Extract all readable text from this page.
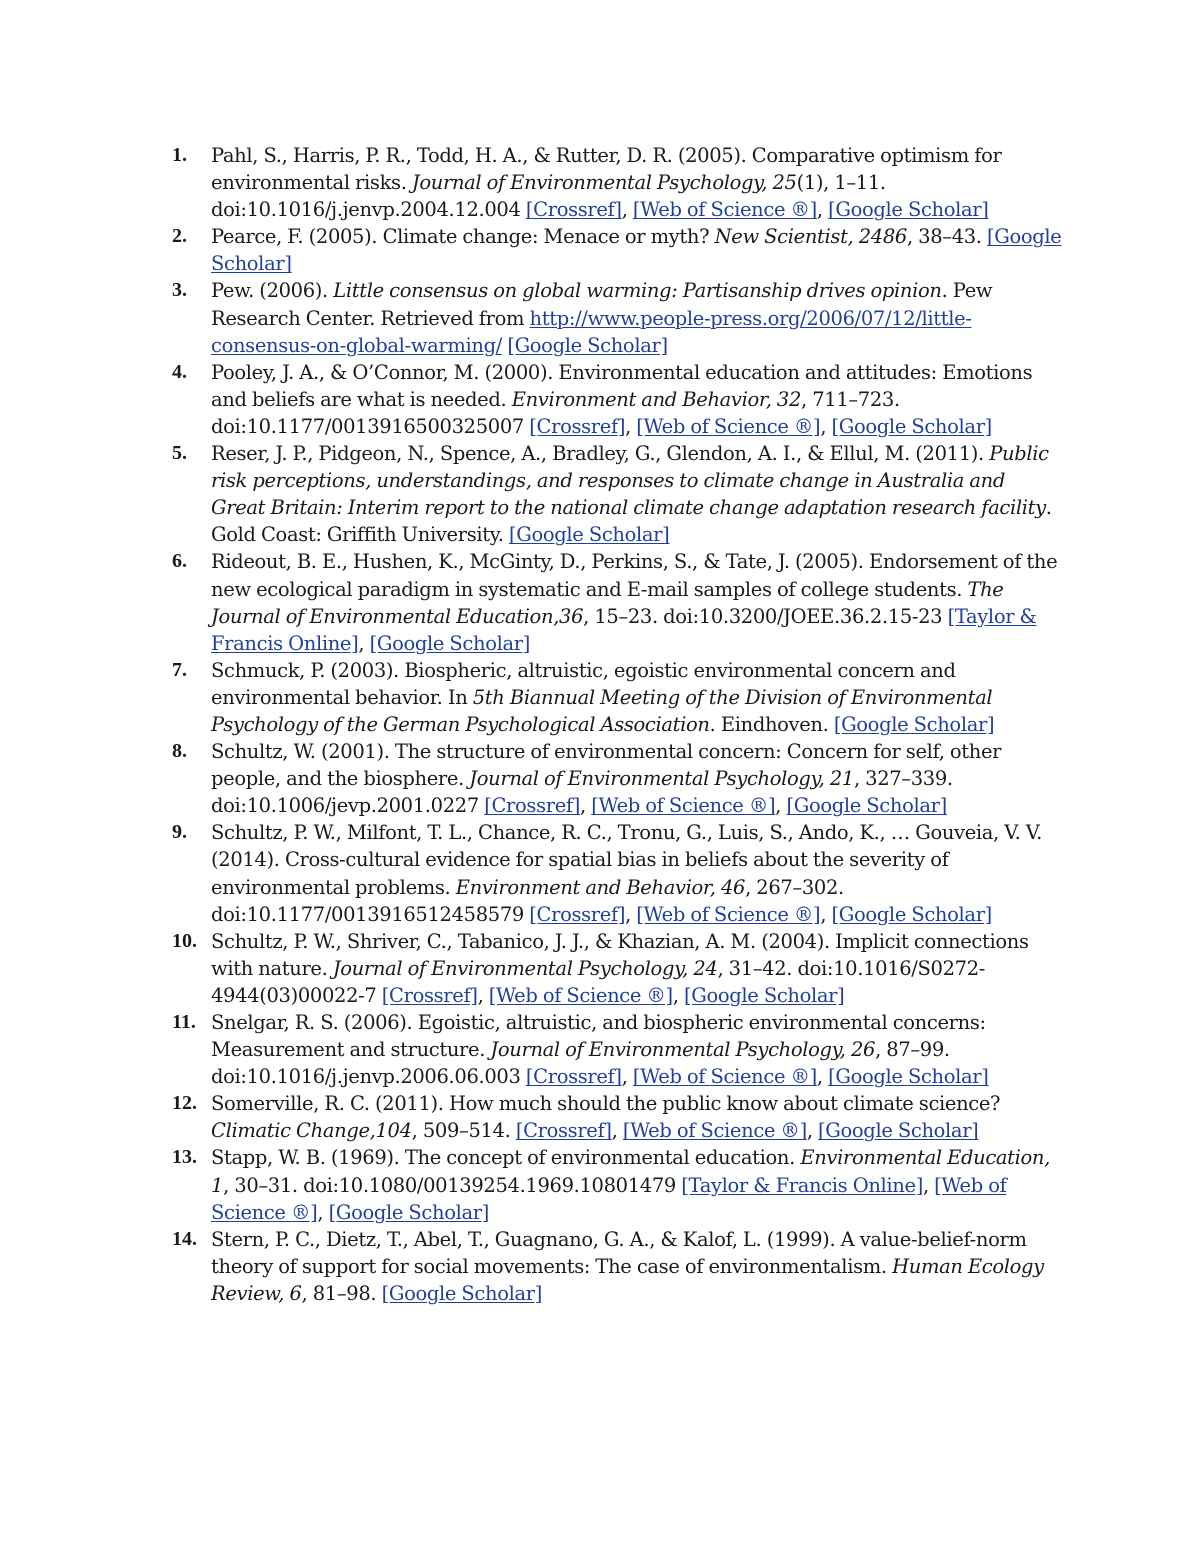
1.	Pahl, S., Harris, P. R., Todd, H. A., & Rutter, D. R. (2005). Comparative optimism for environmental risks. Journal of Environmental Psychology, 25(1), 1–11. doi:10.1016/j.jenvp.2004.12.004 [Crossref], [Web of Science ®], [Google Scholar]
2.	Pearce, F. (2005). Climate change: Menace or myth? New Scientist, 2486, 38–43. [Google Scholar]
3.	Pew. (2006). Little consensus on global warming: Partisanship drives opinion. Pew Research Center. Retrieved from http://www.people-press.org/2006/07/12/little-consensus-on-global-warming/ [Google Scholar]
4.	Pooley, J. A., & O’Connor, M. (2000). Environmental education and attitudes: Emotions and beliefs are what is needed. Environment and Behavior, 32, 711–723. doi:10.1177/0013916500325007 [Crossref], [Web of Science ®], [Google Scholar]
5.	Reser, J. P., Pidgeon, N., Spence, A., Bradley, G., Glendon, A. I., & Ellul, M. (2011). Public risk perceptions, understandings, and responses to climate change in Australia and Great Britain: Interim report to the national climate change adaptation research facility. Gold Coast: Griffith University. [Google Scholar]
6.	Rideout, B. E., Hushen, K., McGinty, D., Perkins, S., & Tate, J. (2005). Endorsement of the new ecological paradigm in systematic and E-mail samples of college students. The Journal of Environmental Education,36, 15–23. doi:10.3200/JOEE.36.2.15-23 [Taylor & Francis Online], [Google Scholar]
7.	Schmuck, P. (2003). Biospheric, altruistic, egoistic environmental concern and environmental behavior. In 5th Biannual Meeting of the Division of Environmental Psychology of the German Psychological Association. Eindhoven. [Google Scholar]
8.	Schultz, W. (2001). The structure of environmental concern: Concern for self, other people, and the biosphere. Journal of Environmental Psychology, 21, 327–339. doi:10.1006/jevp.2001.0227 [Crossref], [Web of Science ®], [Google Scholar]
9.	Schultz, P. W., Milfont, T. L., Chance, R. C., Tronu, G., Luis, S., Ando, K., … Gouveia, V. V. (2014). Cross-cultural evidence for spatial bias in beliefs about the severity of environmental problems. Environment and Behavior, 46, 267–302. doi:10.1177/0013916512458579 [Crossref], [Web of Science ®], [Google Scholar]
10. Schultz, P. W., Shriver, C., Tabanico, J. J., & Khazian, A. M. (2004). Implicit connections with nature. Journal of Environmental Psychology, 24, 31–42. doi:10.1016/S0272-4944(03)00022-7 [Crossref], [Web of Science ®], [Google Scholar]
11. Snelgar, R. S. (2006). Egoistic, altruistic, and biospheric environmental concerns: Measurement and structure. Journal of Environmental Psychology, 26, 87–99. doi:10.1016/j.jenvp.2006.06.003 [Crossref], [Web of Science ®], [Google Scholar]
12. Somerville, R. C. (2011). How much should the public know about climate science? Climatic Change,104, 509–514. [Crossref], [Web of Science ®], [Google Scholar]
13. Stapp, W. B. (1969). The concept of environmental education. Environmental Education, 1, 30–31. doi:10.1080/00139254.1969.10801479 [Taylor & Francis Online], [Web of Science ®], [Google Scholar]
14. Stern, P. C., Dietz, T., Abel, T., Guagnano, G. A., & Kalof, L. (1999). A value-belief-norm theory of support for social movements: The case of environmentalism. Human Ecology Review, 6, 81–98. [Google Scholar]
